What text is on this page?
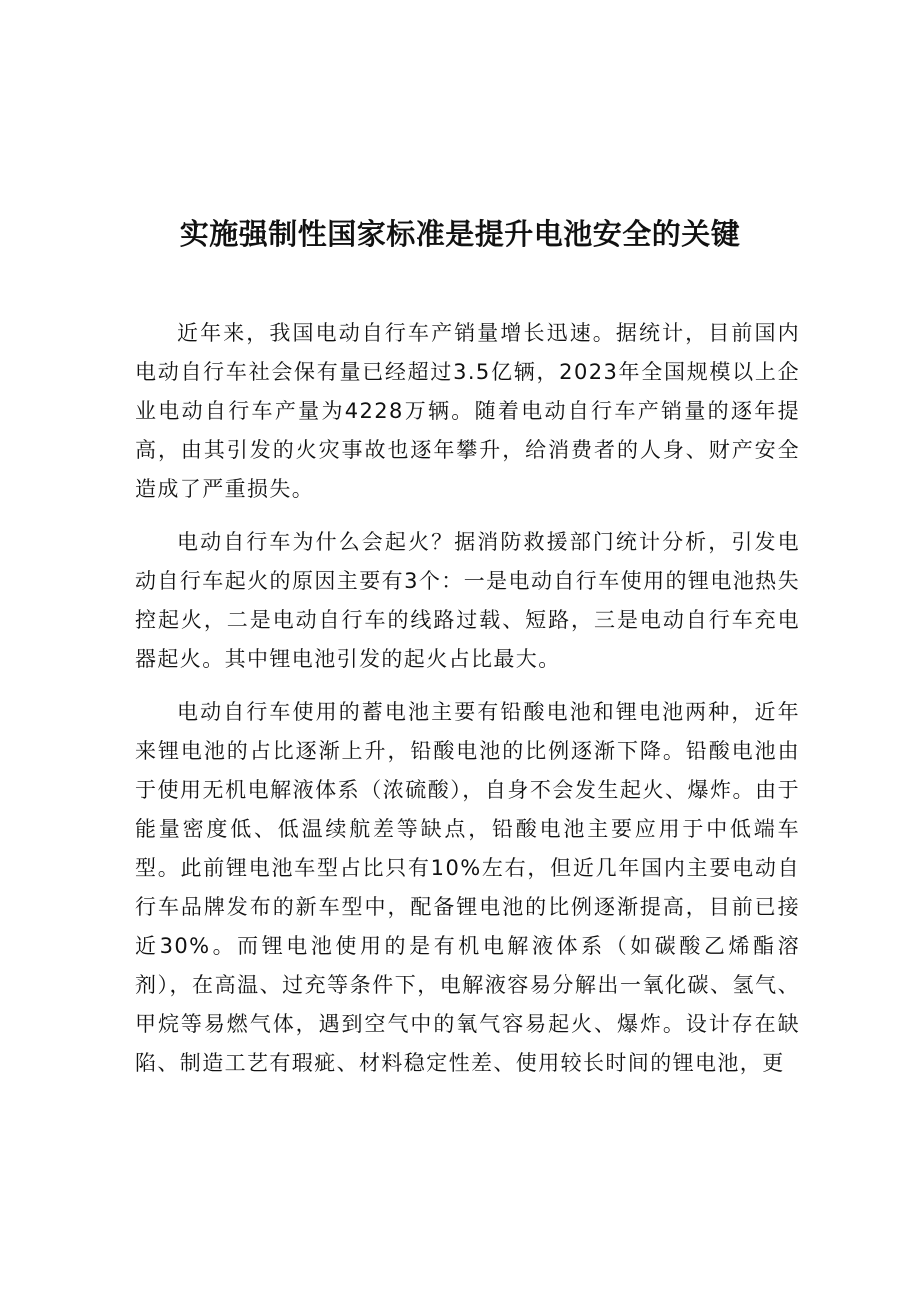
实施强制性国家标准是提升电池安全的关键

近年来，我国电动自行车产销量增长迅速。据统计，目前国内电动自行车社会保有量已经超过3.5亿辆，2023年全国规模以上企业电动自行车产量为4228万辆。随着电动自行车产销量的逐年提高，由其引发的火灾事故也逐年攀升，给消费者的人身、财产安全造成了严重损失。

电动自行车为什么会起火？据消防救援部门统计分析，引发电动自行车起火的原因主要有3个：一是电动自行车使用的锂电池热失控起火，二是电动自行车的线路过载、短路，三是电动自行车充电器起火。其中锂电池引发的起火占比最大。

电动自行车使用的蓄电池主要有铅酸电池和锂电池两种，近年来锂电池的占比逐渐上升，铅酸电池的比例逐渐下降。铅酸电池由于使用无机电解液体系（浓硫酸），自身不会发生起火、爆炸。由于能量密度低、低温续航差等缺点，铅酸电池主要应用于中低端车型。此前锂电池车型占比只有10%左右，但近几年国内主要电动自行车品牌发布的新车型中，配备锂电池的比例逐渐提高，目前已接近30%。而锂电池使用的是有机电解液体系（如碳酸乙烯酯溶剂），在高温、过充等条件下，电解液容易分解出一氧化碳、氢气、甲烷等易燃气体，遇到空气中的氧气容易起火、爆炸。设计存在缺陷、制造工艺有瑕疵、材料稳定性差、使用较长时间的锂电池，更
